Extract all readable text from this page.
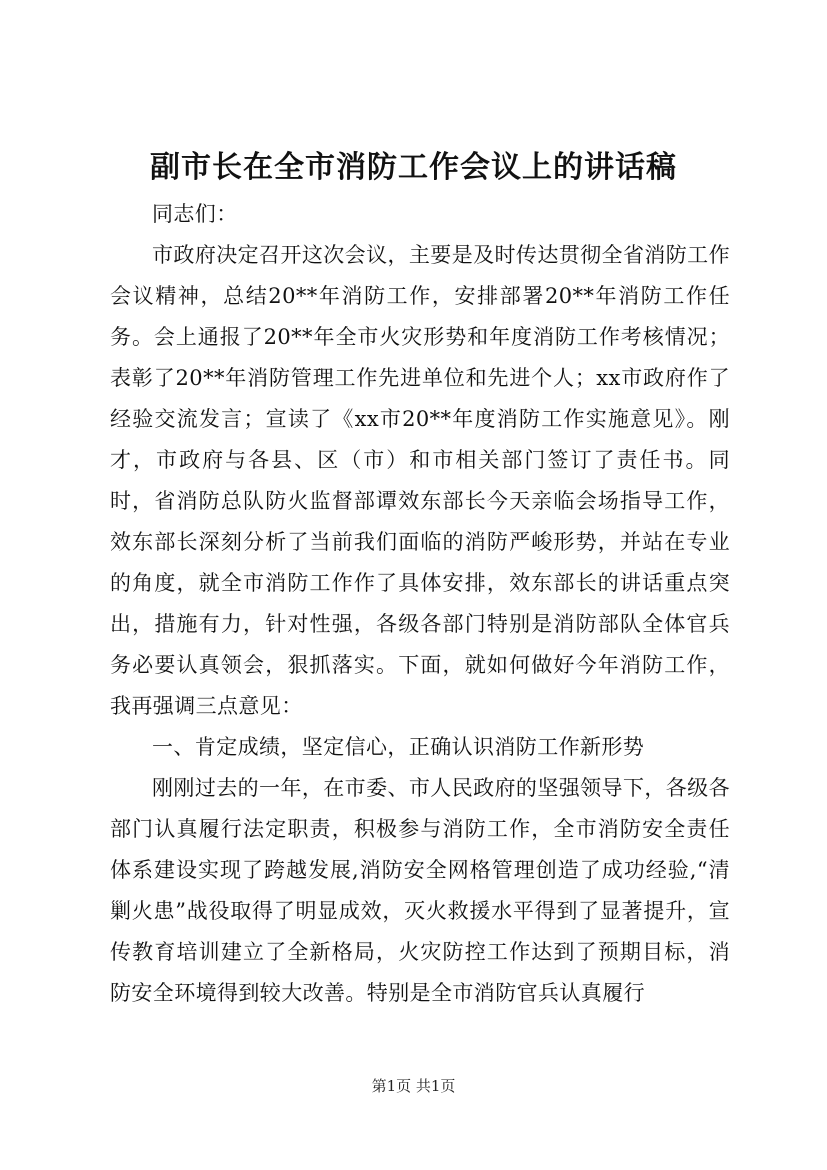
副市长在全市消防工作会议上的讲话稿

同志们：

市政府决定召开这次会议，主要是及时传达贯彻全省消防工作会议精神，总结20**年消防工作，安排部署20**年消防工作任务。会上通报了20**年全市火灾形势和年度消防工作考核情况；表彰了20**年消防管理工作先进单位和先进个人；xx市政府作了经验交流发言；宣读了《xx市20**年度消防工作实施意见》。刚才，市政府与各县、区（市）和市相关部门签订了责任书。同时，省消防总队防火监督部谭效东部长今天亲临会场指导工作，效东部长深刻分析了当前我们面临的消防严峻形势，并站在专业的角度，就全市消防工作作了具体安排，效东部长的讲话重点突出，措施有力，针对性强，各级各部门特别是消防部队全体官兵务必要认真领会，狠抓落实。下面，就如何做好今年消防工作，我再强调三点意见：

一、肯定成绩，坚定信心，正确认识消防工作新形势

刚刚过去的一年，在市委、市人民政府的坚强领导下，各级各部门认真履行法定职责，积极参与消防工作，全市消防安全责任体系建设实现了跨越发展,消防安全网格管理创造了成功经验,“清剿火患”战役取得了明显成效，灭火救援水平得到了显著提升，宣传教育培训建立了全新格局，火灾防控工作达到了预期目标，消防安全环境得到较大改善。特别是全市消防官兵认真履行

第1页 共1页
